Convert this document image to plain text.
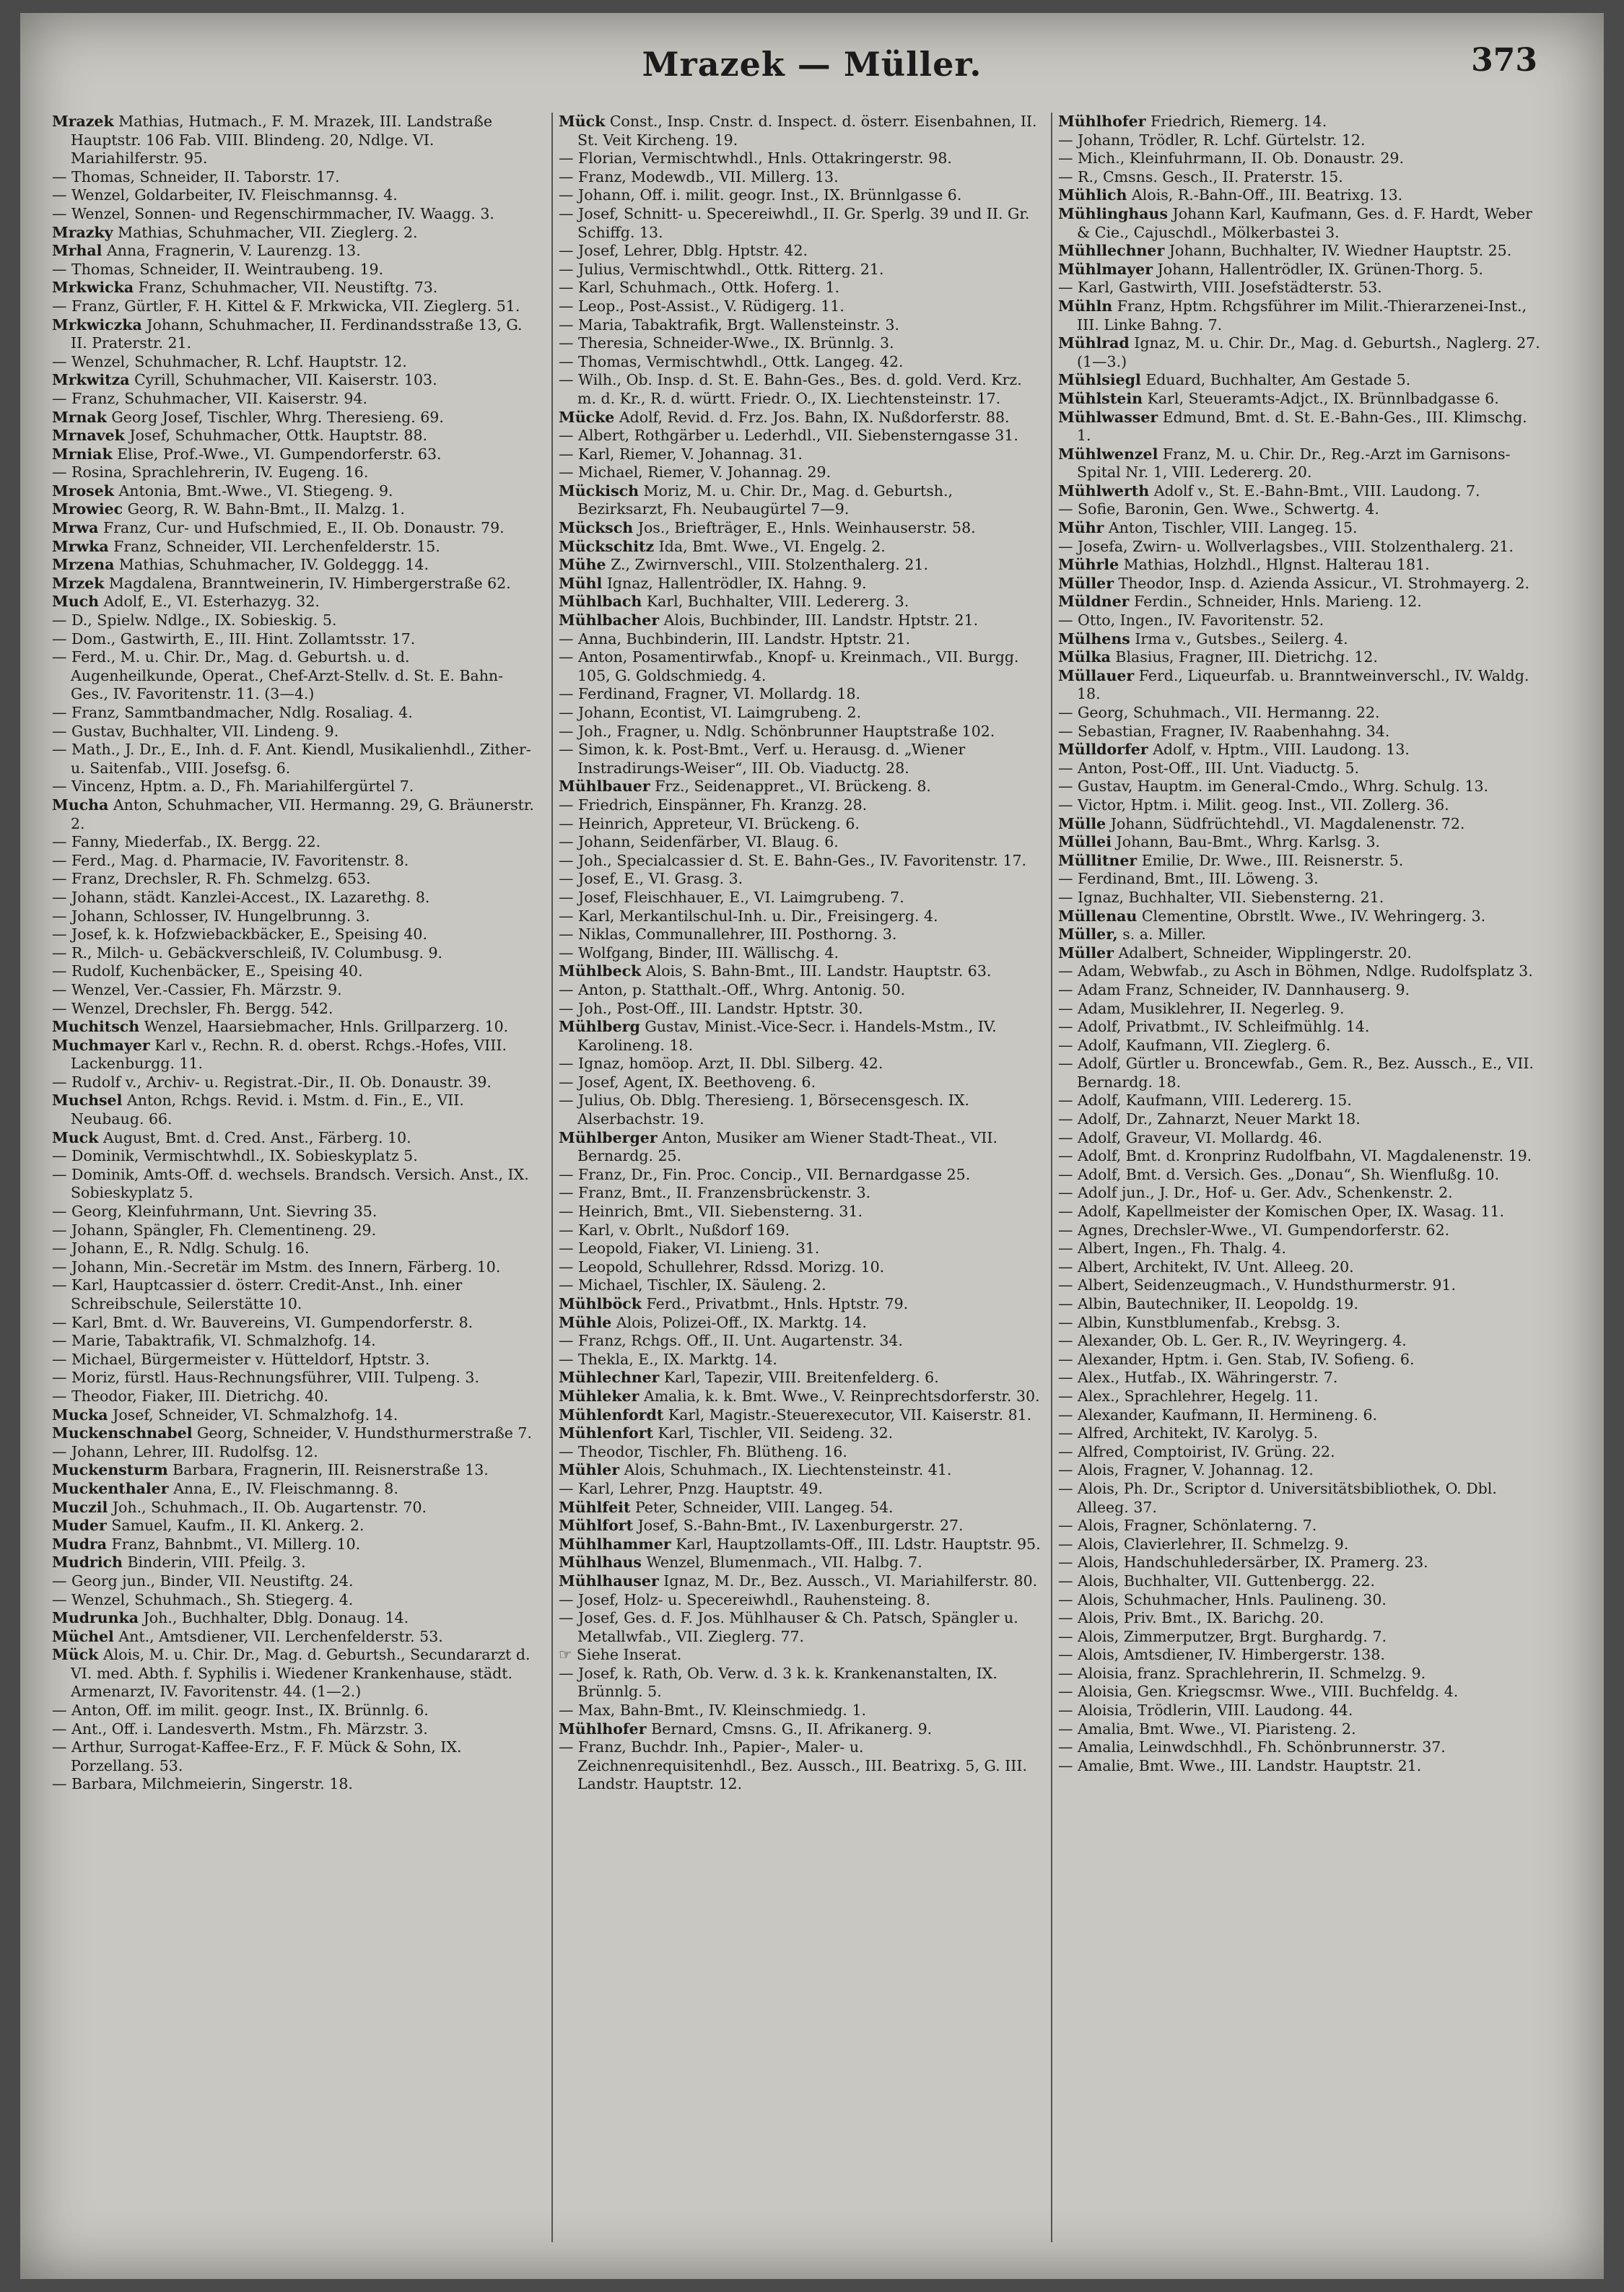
Mrazek — Müller.	373

Mrazek Mathias, Hutmach., F. M. Mrazek, III. Landstraße Hauptstr. 106 Fab. VIII. Blindeng. 20, Ndlge. VI. Mariahilferstr. 95.

— Thomas, Schneider, II. Taborstr. 17.

— Wenzel, Goldarbeiter, IV. Fleischmannsg. 4.

— Wenzel, Sonnen- und Regenschirmmacher, IV. Waagg. 3.

Mrazky Mathias, Schuhmacher, VII. Zieglerg. 2.

Mrhal Anna, Fragnerin, V. Laurenzg. 13.

— Thomas, Schneider, II. Weintraubeng. 19.

Mrkwicka Franz, Schuhmacher, VII. Neustiftg. 73.

— Franz, Gürtler, F. H. Kittel & F. Mrkwicka, VII. Zieglerg. 51.

Mrkwiczka Johann, Schuhmacher, II. Ferdinandsstraße 13, G. II. Praterstr. 21.

— Wenzel, Schuhmacher, R. Lchf. Hauptstr. 12.

Mrkwitza Cyrill, Schuhmacher, VII. Kaiserstr. 103.

— Franz, Schuhmacher, VII. Kaiserstr. 94.

Mrnak Georg Josef, Tischler, Whrg. Theresieng. 69.

Mrnavek Josef, Schuhmacher, Ottk. Hauptstr. 88.

Mrniak Elise, Prof.-Wwe., VI. Gumpendorferstr. 63.

— Rosina, Sprachlehrerin, IV. Eugeng. 16.

Mrosek Antonia, Bmt.-Wwe., VI. Stiegeng. 9.

Mrowiec Georg, R. W. Bahn-Bmt., II. Malzg. 1.

Mrwa Franz, Cur- und Hufschmied, E., II. Ob. Donaustr. 79.

Mrwka Franz, Schneider, VII. Lerchenfelderstr. 15.

Mrzena Mathias, Schuhmacher, IV. Goldeggg. 14.

Mrzek Magdalena, Branntweinerin, IV. Himbergerstraße 62.

Much Adolf, E., VI. Esterhazyg. 32.

— D., Spielw. Ndlge., IX. Sobieskig. 5.

— Dom., Gastwirth, E., III. Hint. Zollamtsstr. 17.

— Ferd., M. u. Chir. Dr., Mag. d. Geburtsh. u. d. Augenheilkunde, Operat., Chef-Arzt-Stellv. d. St. E. Bahn-Ges., IV. Favoritenstr. 11. (3—4.)

— Franz, Sammtbandmacher, Ndlg. Rosaliag. 4.

— Gustav, Buchhalter, VII. Lindeng. 9.

— Math., J. Dr., E., Inh. d. F. Ant. Kiendl, Musikalienhdl., Zither- u. Saitenfab., VIII. Josefsg. 6.

— Vincenz, Hptm. a. D., Fh. Mariahilfergürtel 7.

Mucha Anton, Schuhmacher, VII. Hermanng. 29, G. Bräunerstr. 2.

— Fanny, Miederfab., IX. Bergg. 22.

— Ferd., Mag. d. Pharmacie, IV. Favoritenstr. 8.

— Franz, Drechsler, R. Fh. Schmelzg. 653.

— Johann, städt. Kanzlei-Accest., IX. Lazarethg. 8.

— Johann, Schlosser, IV. Hungelbrunng. 3.

— Josef, k. k. Hofzwiebackbäcker, E., Speising 40.

— R., Milch- u. Gebäckverschleiß, IV. Columbusg. 9.

— Rudolf, Kuchenbäcker, E., Speising 40.

— Wenzel, Ver.-Cassier, Fh. Märzstr. 9.

— Wenzel, Drechsler, Fh. Bergg. 542.

Muchitsch Wenzel, Haarsiebmacher, Hnls. Grillparzerg. 10.

Muchmayer Karl v., Rechn. R. d. oberst. Rchgs.-Hofes, VIII. Lackenburgg. 11.

— Rudolf v., Archiv- u. Registrat.-Dir., II. Ob. Donaustr. 39.

Muchsel Anton, Rchgs. Revid. i. Mstm. d. Fin., E., VII. Neubaug. 66.

Muck August, Bmt. d. Cred. Anst., Färberg. 10.

— Dominik, Vermischtwhdl., IX. Sobieskyplatz 5.

— Dominik, Amts-Off. d. wechsels. Brandsch. Versich. Anst., IX. Sobieskyplatz 5.

— Georg, Kleinfuhrmann, Unt. Sievring 35.

— Johann, Spängler, Fh. Clementineng. 29.

— Johann, E., R. Ndlg. Schulg. 16.

— Johann, Min.-Secretär im Mstm. des Innern, Färberg. 10.

— Karl, Hauptcassier d. österr. Credit-Anst., Inh. einer Schreibschule, Seilerstätte 10.

— Karl, Bmt. d. Wr. Bauvereins, VI. Gumpendorferstr. 8.

— Marie, Tabaktrafik, VI. Schmalzhofg. 14.

— Michael, Bürgermeister v. Hütteldorf, Hptstr. 3.

— Moriz, fürstl. Haus-Rechnungsführer, VIII. Tulpeng. 3.

— Theodor, Fiaker, III. Dietrichg. 40.

Mucka Josef, Schneider, VI. Schmalzhofg. 14.

Muckenschnabel Georg, Schneider, V. Hundsthurmerstraße 7.

— Johann, Lehrer, III. Rudolfsg. 12.

Muckensturm Barbara, Fragnerin, III. Reisnerstraße 13.

Muckenthaler Anna, E., IV. Fleischmanng. 8.

Muczil Joh., Schuhmach., II. Ob. Augartenstr. 70.

Muder Samuel, Kaufm., II. Kl. Ankerg. 2.

Mudra Franz, Bahnbmt., VI. Millerg. 10.

Mudrich Binderin, VIII. Pfeilg. 3.

— Georg jun., Binder, VII. Neustiftg. 24.

— Wenzel, Schuhmach., Sh. Stiegerg. 4.

Mudrunka Joh., Buchhalter, Dblg. Donaug. 14.

Müchel Ant., Amtsdiener, VII. Lerchenfelderstr. 53.

Mück Alois, M. u. Chir. Dr., Mag. d. Geburtsh., Secundararzt d. VI. med. Abth. f. Syphilis i. Wiedener Krankenhause, städt. Armenarzt, IV. Favoritenstr. 44. (1—2.)

— Anton, Off. im milit. geogr. Inst., IX. Brünnlg. 6.

— Ant., Off. i. Landesverth. Mstm., Fh. Märzstr. 3.

— Arthur, Surrogat-Kaffee-Erz., F. F. Mück & Sohn, IX. Porzellang. 53.

— Barbara, Milchmeierin, Singerstr. 18.

Mück Const., Insp. Cnstr. d. Inspect. d. österr. Eisenbahnen, II. St. Veit Kircheng. 19.

— Florian, Vermischtwhdl., Hnls. Ottakringerstr. 98.

— Franz, Modewdb., VII. Millerg. 13.

— Johann, Off. i. milit. geogr. Inst., IX. Brünnlgasse 6.

— Josef, Schnitt- u. Specereiwhdl., II. Gr. Sperlg. 39 und II. Gr. Schiffg. 13.

— Josef, Lehrer, Dblg. Hptstr. 42.

— Julius, Vermischtwhdl., Ottk. Ritterg. 21.

— Karl, Schuhmach., Ottk. Hoferg. 1.

— Leop., Post-Assist., V. Rüdigerg. 11.

— Maria, Tabaktrafik, Brgt. Wallensteinstr. 3.

— Theresia, Schneider-Wwe., IX. Brünnlg. 3.

— Thomas, Vermischtwhdl., Ottk. Langeg. 42.

— Wilh., Ob. Insp. d. St. E. Bahn-Ges., Bes. d. gold. Verd. Krz. m. d. Kr., R. d. württ. Friedr. O., IX. Liechtensteinstr. 17.

Mücke Adolf, Revid. d. Frz. Jos. Bahn, IX. Nußdorferstr. 88.

— Albert, Rothgärber u. Lederhdl., VII. Siebensterngasse 31.

— Karl, Riemer, V. Johannag. 31.

— Michael, Riemer, V. Johannag. 29.

Mückisch Moriz, M. u. Chir. Dr., Mag. d. Geburtsh., Bezirksarzt, Fh. Neubaugürtel 7—9.

Mücksch Jos., Briefträger, E., Hnls. Weinhauserstr. 58.

Mückschitz Ida, Bmt. Wwe., VI. Engelg. 2.

Mühe Z., Zwirnverschl., VIII. Stolzenthalerg. 21.

Mühl Ignaz, Hallentrödler, IX. Hahng. 9.

Mühlbach Karl, Buchhalter, VIII. Ledererg. 3.

Mühlbacher Alois, Buchbinder, III. Landstr. Hptstr. 21.

— Anna, Buchbinderin, III. Landstr. Hptstr. 21.

— Anton, Posamentirwfab., Knopf- u. Kreinmach., VII. Burgg. 105, G. Goldschmiedg. 4.

— Ferdinand, Fragner, VI. Mollardg. 18.

— Johann, Econtist, VI. Laimgrubeng. 2.

— Joh., Fragner, u. Ndlg. Schönbrunner Hauptstraße 102.

— Simon, k. k. Post-Bmt., Verf. u. Herausg. d. „Wiener Instradirungs-Weiser“, III. Ob. Viaductg. 28.

Mühlbauer Frz., Seidenappret., VI. Brückeng. 8.

— Friedrich, Einspänner, Fh. Kranzg. 28.

— Heinrich, Appreteur, VI. Brückeng. 6.

— Johann, Seidenfärber, VI. Blaug. 6.

— Joh., Specialcassier d. St. E. Bahn-Ges., IV. Favoritenstr. 17.

— Josef, E., VI. Grasg. 3.

— Josef, Fleischhauer, E., VI. Laimgrubeng. 7.

— Karl, Merkantilschul-Inh. u. Dir., Freisingerg. 4.

— Niklas, Communallehrer, III. Posthorng. 3.

— Wolfgang, Binder, III. Wällischg. 4.

Mühlbeck Alois, S. Bahn-Bmt., III. Landstr. Hauptstr. 63.

— Anton, p. Statthalt.-Off., Whrg. Antonig. 50.

— Joh., Post-Off., III. Landstr. Hptstr. 30.

Mühlberg Gustav, Minist.-Vice-Secr. i. Handels-Mstm., IV. Karolineng. 18.

— Ignaz, homöop. Arzt, II. Dbl. Silberg. 42.

— Josef, Agent, IX. Beethoveng. 6.

— Julius, Ob. Dblg. Theresieng. 1, Börsecensgesch. IX. Alserbachstr. 19.

Mühlberger Anton, Musiker am Wiener Stadt-Theat., VII. Bernardg. 25.

— Franz, Dr., Fin. Proc. Concip., VII. Bernardgasse 25.

— Franz, Bmt., II. Franzensbrückenstr. 3.

— Heinrich, Bmt., VII. Siebensterng. 31.

— Karl, v. Obrlt., Nußdorf 169.

— Leopold, Fiaker, VI. Linieng. 31.

— Leopold, Schullehrer, Rdssd. Morizg. 10.

— Michael, Tischler, IX. Säuleng. 2.

Mühlböck Ferd., Privatbmt., Hnls. Hptstr. 79.

Mühle Alois, Polizei-Off., IX. Marktg. 14.

— Franz, Rchgs. Off., II. Unt. Augartenstr. 34.

— Thekla, E., IX. Marktg. 14.

Mühlechner Karl, Tapezir, VIII. Breitenfelderg. 6.

Mühleker Amalia, k. k. Bmt. Wwe., V. Reinprechtsdorferstr. 30.

Mühlenfordt Karl, Magistr.-Steuerexecutor, VII. Kaiserstr. 81.

Mühlenfort Karl, Tischler, VII. Seideng. 32.

— Theodor, Tischler, Fh. Blütheng. 16.

Mühler Alois, Schuhmach., IX. Liechtensteinstr. 41.

— Karl, Lehrer, Pnzg. Hauptstr. 49.

Mühlfeit Peter, Schneider, VIII. Langeg. 54.

Mühlfort Josef, S.-Bahn-Bmt., IV. Laxenburgerstr. 27.

Mühlhammer Karl, Hauptzollamts-Off., III. Ldstr. Hauptstr. 95.

Mühlhaus Wenzel, Blumenmach., VII. Halbg. 7.

Mühlhauser Ignaz, M. Dr., Bez. Aussch., VI. Mariahilferstr. 80.

— Josef, Holz- u. Specereiwhdl., Rauhensteing. 8.

— Josef, Ges. d. F. Jos. Mühlhauser & Ch. Patsch, Spängler u. Metallwfab., VII. Zieglerg. 77.

☞ Siehe Inserat.

— Josef, k. Rath, Ob. Verw. d. 3 k. k. Krankenanstalten, IX. Brünnlg. 5.

— Max, Bahn-Bmt., IV. Kleinschmiedg. 1.

Mühlhofer Bernard, Cmsns. G., II. Afrikanerg. 9.

— Franz, Buchdr. Inh., Papier-, Maler- u. Zeichnenrequisitenhdl., Bez. Aussch., III. Beatrixg. 5, G. III. Landstr. Hauptstr. 12.

Mühlhofer Friedrich, Riemerg. 14.

— Johann, Trödler, R. Lchf. Gürtelstr. 12.

— Mich., Kleinfuhrmann, II. Ob. Donaustr. 29.

— R., Cmsns. Gesch., II. Praterstr. 15.

Mühlich Alois, R.-Bahn-Off., III. Beatrixg. 13.

Mühlinghaus Johann Karl, Kaufmann, Ges. d. F. Hardt, Weber & Cie., Cajuschdl., Mölkerbastei 3.

Mühllechner Johann, Buchhalter, IV. Wiedner Hauptstr. 25.

Mühlmayer Johann, Hallentrödler, IX. Grünen-Thorg. 5.

— Karl, Gastwirth, VIII. Josefstädterstr. 53.

Mühln Franz, Hptm. Rchgsführer im Milit.-Thierarzenei-Inst., III. Linke Bahng. 7.

Mühlrad Ignaz, M. u. Chir. Dr., Mag. d. Geburtsh., Naglerg. 27. (1—3.)

Mühlsiegl Eduard, Buchhalter, Am Gestade 5.

Mühlstein Karl, Steueramts-Adjct., IX. Brünnlbadgasse 6.

Mühlwasser Edmund, Bmt. d. St. E.-Bahn-Ges., III. Klimschg. 1.

Mühlwenzel Franz, M. u. Chir. Dr., Reg.-Arzt im Garnisons-Spital Nr. 1, VIII. Ledererg. 20.

Mühlwerth Adolf v., St. E.-Bahn-Bmt., VIII. Laudong. 7.

— Sofie, Baronin, Gen. Wwe., Schwertg. 4.

Mühr Anton, Tischler, VIII. Langeg. 15.

— Josefa, Zwirn- u. Wollverlagsbes., VIII. Stolzenthalerg. 21.

Mührle Mathias, Holzhdl., Hlgnst. Halterau 181.

Müller Theodor, Insp. d. Azienda Assicur., VI. Strohmayerg. 2.

Müldner Ferdin., Schneider, Hnls. Marieng. 12.

— Otto, Ingen., IV. Favoritenstr. 52.

Mülhens Irma v., Gutsbes., Seilerg. 4.

Mülka Blasius, Fragner, III. Dietrichg. 12.

Müllauer Ferd., Liqueurfab. u. Branntweinverschl., IV. Waldg. 18.

— Georg, Schuhmach., VII. Hermanng. 22.

— Sebastian, Fragner, IV. Raabenhahng. 34.

Mülldorfer Adolf, v. Hptm., VIII. Laudong. 13.

— Anton, Post-Off., III. Unt. Viaductg. 5.

— Gustav, Hauptm. im General-Cmdo., Whrg. Schulg. 13.

— Victor, Hptm. i. Milit. geog. Inst., VII. Zollerg. 36.

Mülle Johann, Südfrüchtehdl., VI. Magdalenenstr. 72.

Müllei Johann, Bau-Bmt., Whrg. Karlsg. 3.

Müllitner Emilie, Dr. Wwe., III. Reisnerstr. 5.

— Ferdinand, Bmt., III. Löweng. 3.

— Ignaz, Buchhalter, VII. Siebensterng. 21.

Müllenau Clementine, Obrstlt. Wwe., IV. Wehringerg. 3.

Müller, s. a. Miller.

Müller Adalbert, Schneider, Wipplingerstr. 20.

— Adam, Webwfab., zu Asch in Böhmen, Ndlge. Rudolfsplatz 3.

— Adam Franz, Schneider, IV. Dannhauserg. 9.

— Adam, Musiklehrer, II. Negerleg. 9.

— Adolf, Privatbmt., IV. Schleifmühlg. 14.

— Adolf, Kaufmann, VII. Zieglerg. 6.

— Adolf, Gürtler u. Broncewfab., Gem. R., Bez. Aussch., E., VII. Bernardg. 18.

— Adolf, Kaufmann, VIII. Ledererg. 15.

— Adolf, Dr., Zahnarzt, Neuer Markt 18.

— Adolf, Graveur, VI. Mollardg. 46.

— Adolf, Bmt. d. Kronprinz Rudolfbahn, VI. Magdalenenstr. 19.

— Adolf, Bmt. d. Versich. Ges. „Donau“, Sh. Wienflußg. 10.

— Adolf jun., J. Dr., Hof- u. Ger. Adv., Schenkenstr. 2.

— Adolf, Kapellmeister der Komischen Oper, IX. Wasag. 11.

— Agnes, Drechsler-Wwe., VI. Gumpendorferstr. 62.

— Albert, Ingen., Fh. Thalg. 4.

— Albert, Architekt, IV. Unt. Alleeg. 20.

— Albert, Seidenzeugmach., V. Hundsthurmerstr. 91.

— Albin, Bautechniker, II. Leopoldg. 19.

— Albin, Kunstblumenfab., Krebsg. 3.

— Alexander, Ob. L. Ger. R., IV. Weyringerg. 4.

— Alexander, Hptm. i. Gen. Stab, IV. Sofieng. 6.

— Alex., Hutfab., IX. Währingerstr. 7.

— Alex., Sprachlehrer, Hegelg. 11.

— Alexander, Kaufmann, II. Hermineng. 6.

— Alfred, Architekt, IV. Karolyg. 5.

— Alfred, Comptoirist, IV. Grüng. 22.

— Alois, Fragner, V. Johannag. 12.

— Alois, Ph. Dr., Scriptor d. Universitätsbibliothek, O. Dbl. Alleeg. 37.

— Alois, Fragner, Schönlaterng. 7.

— Alois, Clavierlehrer, II. Schmelzg. 9.

— Alois, Handschuhledersärber, IX. Pramerg. 23.

— Alois, Buchhalter, VII. Guttenbergg. 22.

— Alois, Schuhmacher, Hnls. Paulineng. 30.

— Alois, Priv. Bmt., IX. Barichg. 20.

— Alois, Zimmerputzer, Brgt. Burghardg. 7.

— Alois, Amtsdiener, IV. Himbergerstr. 138.

— Aloisia, franz. Sprachlehrerin, II. Schmelzg. 9.

— Aloisia, Gen. Kriegscmsr. Wwe., VIII. Buchfeldg. 4.

— Aloisia, Trödlerin, VIII. Laudong. 44.

— Amalia, Bmt. Wwe., VI. Piaristeng. 2.

— Amalia, Leinwdschhdl., Fh. Schönbrunnerstr. 37.

— Amalie, Bmt. Wwe., III. Landstr. Hauptstr. 21.
